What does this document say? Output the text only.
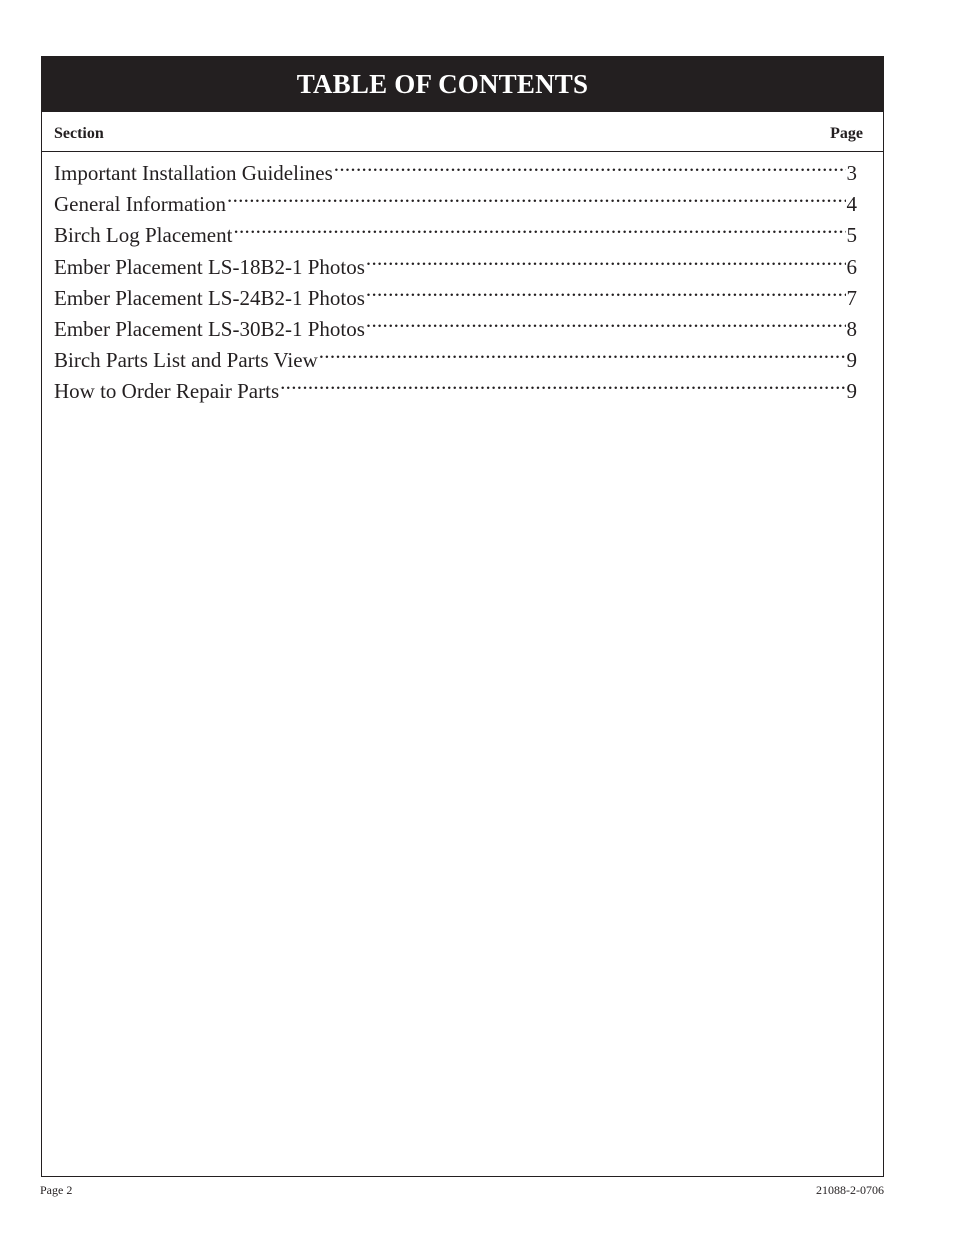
TABLE OF CONTENTS
Section	Page
Important Installation Guidelines .....	3
General Information .....	4
Birch Log Placement .....	5
Ember Placement LS-18B2-1 Photos .....	6
Ember Placement LS-24B2-1 Photos .....	7
Ember Placement LS-30B2-1 Photos .....	8
Birch Parts List and Parts View .....	9
How to Order Repair Parts .....	9
Page 2	21088-2-0706
